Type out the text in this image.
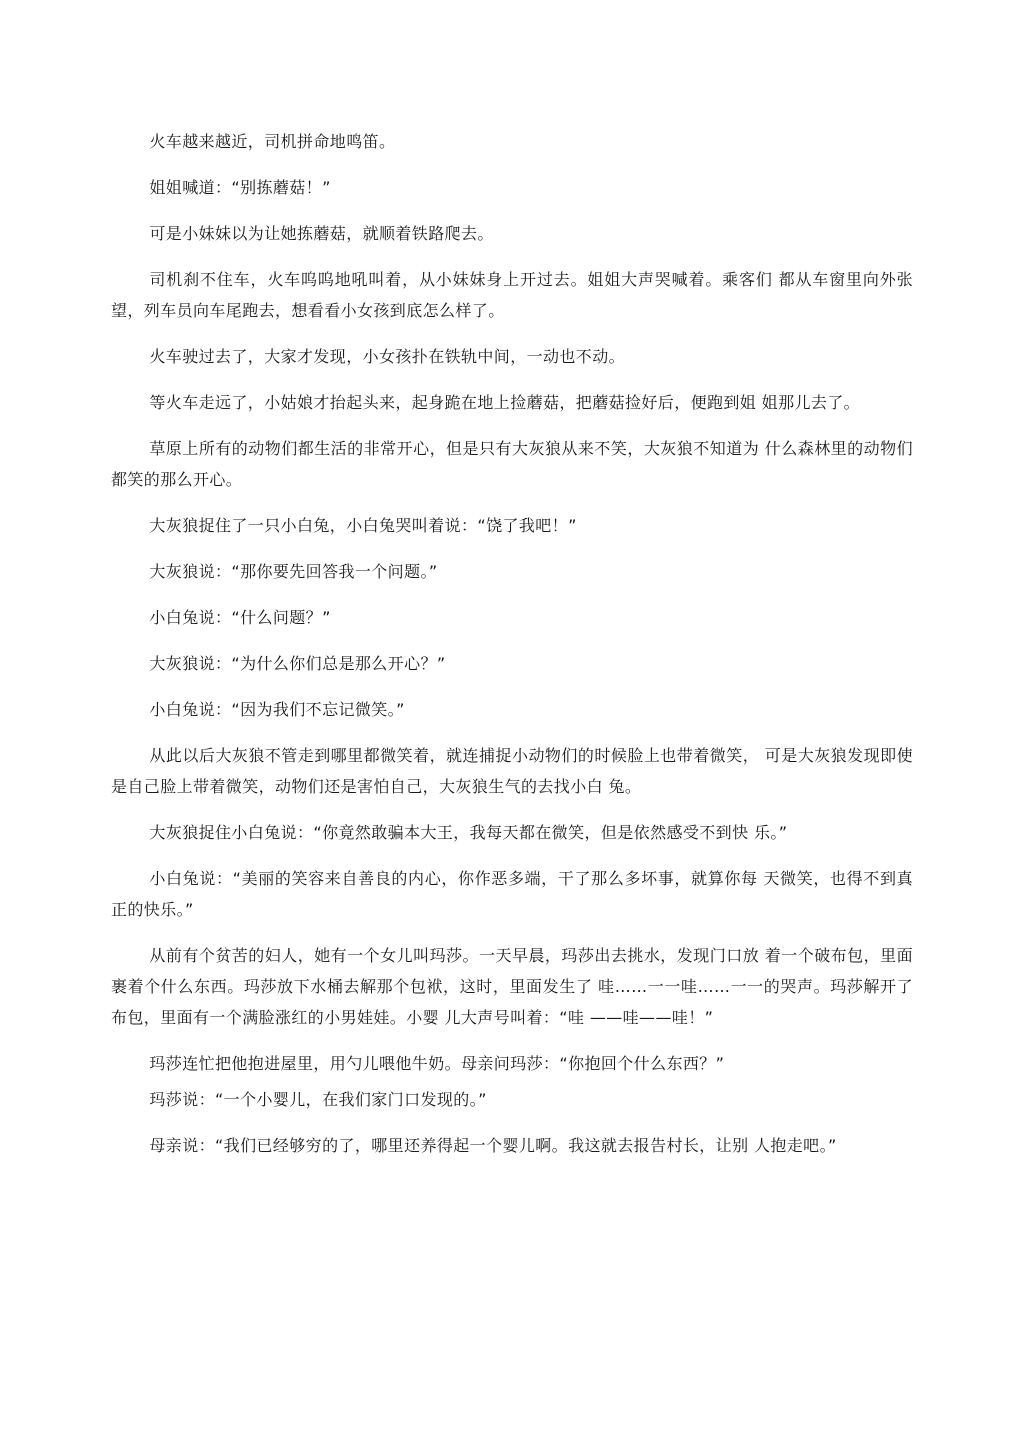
火车越来越近，司机拼命地鸣笛。

姐姐喊道：“别拣蘑菇！”

可是小妹妹以为让她拣蘑菇，就顺着铁路爬去。

司机刹不住车，火车呜呜地吼叫着，从小妹妹身上开过去。姐姐大声哭喊着。乘客们 都从车窗里向外张望，列车员向车尾跑去，想看看小女孩到底怎么样了。

火车驶过去了，大家才发现，小女孩扑在铁轨中间，一动也不动。

等火车走远了，小姑娘才抬起头来，起身跪在地上捡蘑菇，把蘑菇捡好后，便跑到姐 姐那儿去了。

草原上所有的动物们都生活的非常开心，但是只有大灰狼从来不笑，大灰狼不知道为 什么森林里的动物们都笑的那么开心。

大灰狼捉住了一只小白兔，小白兔哭叫着说：“饶了我吧！”

大灰狼说：“那你要先回答我一个问题。”

小白兔说：“什么问题？”

大灰狼说：“为什么你们总是那么开心？”

小白兔说：“因为我们不忘记微笑。”

从此以后大灰狼不管走到哪里都微笑着，就连捕捉小动物们的时候脸上也带着微笑， 可是大灰狼发现即使是自己脸上带着微笑，动物们还是害怕自己，大灰狼生气的去找小白 兔。

大灰狼捉住小白兔说：“你竟然敢骗本大王，我每天都在微笑，但是依然感受不到快 乐。”

小白兔说：“美丽的笑容来自善良的内心，你作恶多端，干了那么多坏事，就算你每 天微笑，也得不到真正的快乐。”

从前有个贫苦的妇人，她有一个女儿叫玛莎。一天早晨，玛莎出去挑水，发现门口放 着一个破布包，里面裹着个什么东西。玛莎放下水桶去解那个包袱，这时，里面发生了 哇……一一哇……一一的哭声。玛莎解开了布包，里面有一个满脸涨红的小男娃娃。小婴 儿大声号叫着：“哇 ——哇——哇！”

玛莎连忙把他抱进屋里，用勺儿喂他牛奶。母亲问玛莎：“你抱回个什么东西？”

玛莎说：“一个小婴儿，在我们家门口发现的。”

母亲说：“我们已经够穷的了，哪里还养得起一个婴儿啊。我这就去报告村长，让别 人抱走吧。”
